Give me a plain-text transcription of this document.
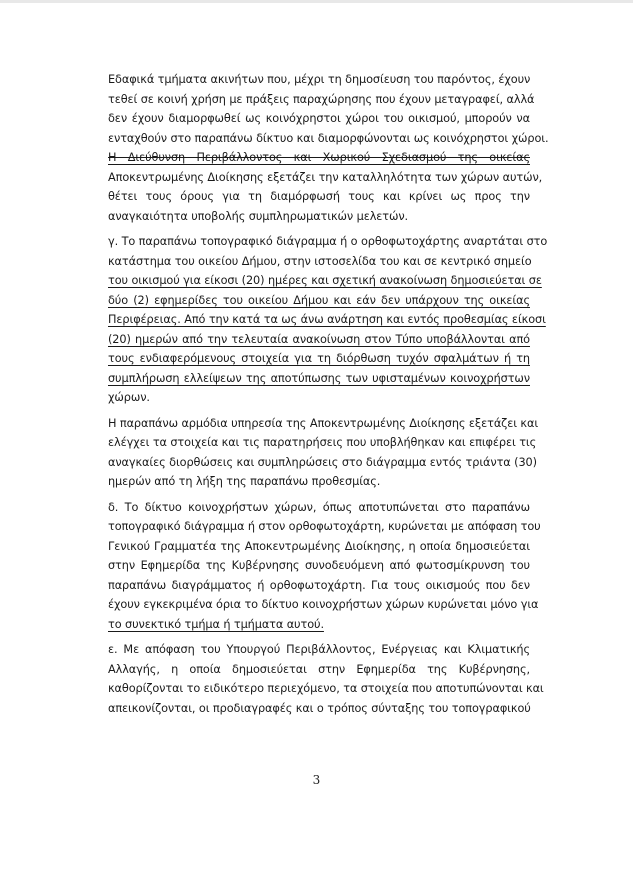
Εδαφικά τμήματα ακινήτων που, μέχρι τη δημοσίευση του παρόντος, έχουν
τεθεί σε κοινή χρήση με πράξεις παραχώρησης που έχουν μεταγραφεί, αλλά
δεν έχουν διαμορφωθεί ως κοινόχρηστοι χώροι του οικισμού, μπορούν να
ενταχθούν στο παραπάνω δίκτυο και διαμορφώνονται ως κοινόχρηστοι χώροι.
Η Διεύθυνση Περιβάλλοντος και Χωρικού Σχεδιασμού της οικείας
Αποκεντρωμένης Διοίκησης εξετάζει την καταλληλότητα των χώρων αυτών,
θέτει τους όρους για τη διαμόρφωσή τους και κρίνει ως προς την
αναγκαιότητα υποβολής συμπληρωματικών μελετών.
γ. Το παραπάνω τοπογραφικό διάγραμμα ή ο ορθοφωτοχάρτης αναρτάται στο
κατάστημα του οικείου Δήμου, στην ιστοσελίδα του και σε κεντρικό σημείο
του οικισμού για είκοσι (20) ημέρες και σχετική ανακοίνωση δημοσιεύεται σε
δύο (2) εφημερίδες του οικείου Δήμου και εάν δεν υπάρχουν της οικείας
Περιφέρειας. Από την κατά τα ως άνω ανάρτηση και εντός προθεσμίας είκοσι
(20) ημερών από την τελευταία ανακοίνωση στον Τύπο υποβάλλονται από
τους ενδιαφερόμενους στοιχεία για τη διόρθωση τυχόν σφαλμάτων ή τη
συμπλήρωση ελλείψεων της αποτύπωσης των υφισταμένων κοινοχρήστων
χώρων.
Η παραπάνω αρμόδια υπηρεσία της Αποκεντρωμένης Διοίκησης εξετάζει και
ελέγχει τα στοιχεία και τις παρατηρήσεις που υποβλήθηκαν και επιφέρει τις
αναγκαίες διορθώσεις και συμπληρώσεις στο διάγραμμα εντός τριάντα (30)
ημερών από τη λήξη της παραπάνω προθεσμίας.
δ. Το δίκτυο κοινοχρήστων χώρων, όπως αποτυπώνεται στο παραπάνω
τοπογραφικό διάγραμμα ή στον ορθοφωτοχάρτη, κυρώνεται με απόφαση του
Γενικού Γραμματέα της Αποκεντρωμένης Διοίκησης, η οποία δημοσιεύεται
στην Εφημερίδα της Κυβέρνησης συνοδευόμενη από φωτοσμίκρυνση του
παραπάνω διαγράμματος ή ορθοφωτοχάρτη. Για τους οικισμούς που δεν
έχουν εγκεκριμένα όρια το δίκτυο κοινοχρήστων χώρων κυρώνεται μόνο για
το συνεκτικό τμήμα ή τμήματα αυτού.
ε. Με απόφαση του Υπουργού Περιβάλλοντος, Ενέργειας και Κλιματικής
Αλλαγής, η οποία δημοσιεύεται στην Εφημερίδα της Κυβέρνησης,
καθορίζονται το ειδικότερο περιεχόμενο, τα στοιχεία που αποτυπώνονται και
απεικονίζονται, οι προδιαγραφές και ο τρόπος σύνταξης του τοπογραφικού
3
